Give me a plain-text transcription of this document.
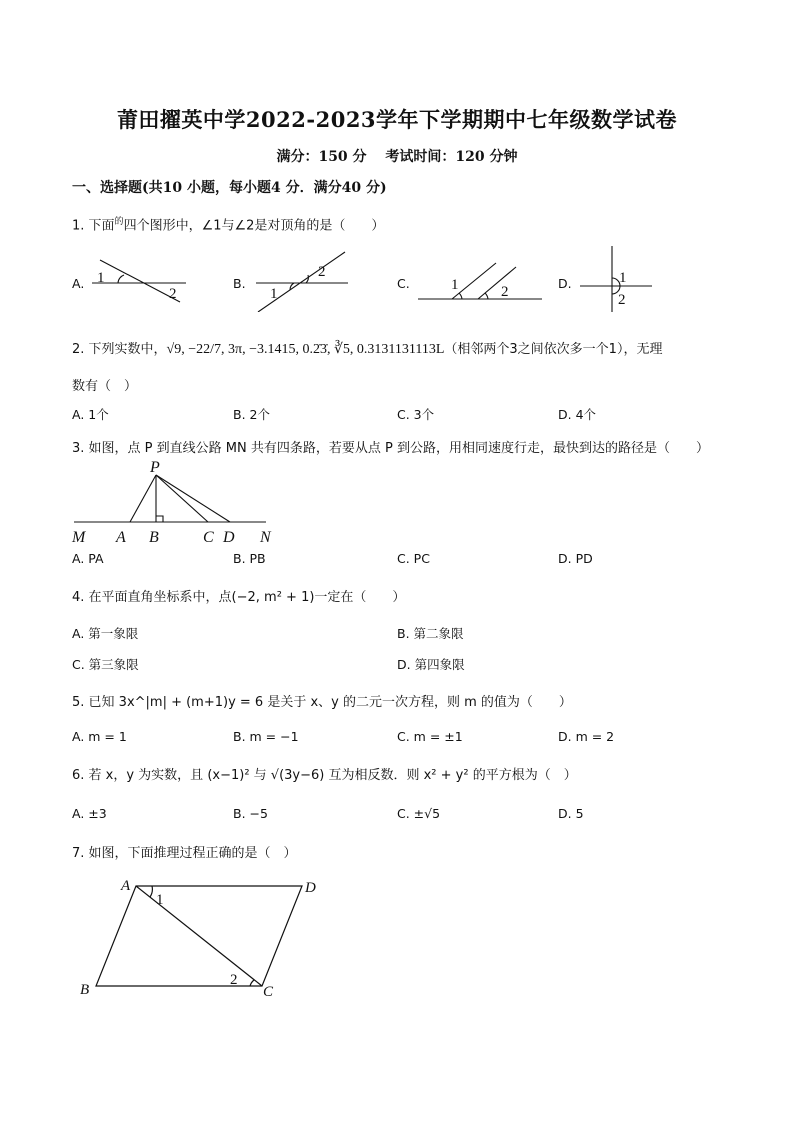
莆田擢英中学2022-2023学年下学期期中七年级数学试卷
满分：150 分　 考试时间：120 分钟
一、选择题(共10 小题，每小题4 分．满分40 分)
1. 下面$^的$四个图形中，∠1与∠2是对顶角的是（　　）
A.	B.	C.	D.
1
2	1
2
1	2
1
2
2. 下列实数中，√9, −22/7, 3π, −3.1415, 0.2̇3̇, ∛5, 0.3131131113L（相邻两个3之间依次多一个1），无理
数有（　）
A. 1个	B. 2个	C. 3个	D. 4个
3. 如图，点 P 到直线公路 MN 共有四条路，若要从点 P 到公路，用相同速度行走，最快到达的路径是（　　）
P
M A B	C D N
A. PA	B. PB	C. PC	D. PD
4. 在平面直角坐标系中，点(−2, m² + 1)一定在（　　）
A. 第一象限	B. 第二象限
C. 第三象限	D. 第四象限
5. 已知 3x^|m| + (m+1)y = 6 是关于 x、y 的二元一次方程，则 m 的值为（　　）
A. m = 1	B. m = −1	C. m = ±1	D. m = 2
6. 若 x，y 为实数，且 (x−1)² 与 √(3y−6) 互为相反数．则 x² + y² 的平方根为（　）
A. ±3	B. −5	C. ±√5	D. 5
7. 如图，下面推理过程正确的是（　）
A	D
B	C
1
2
